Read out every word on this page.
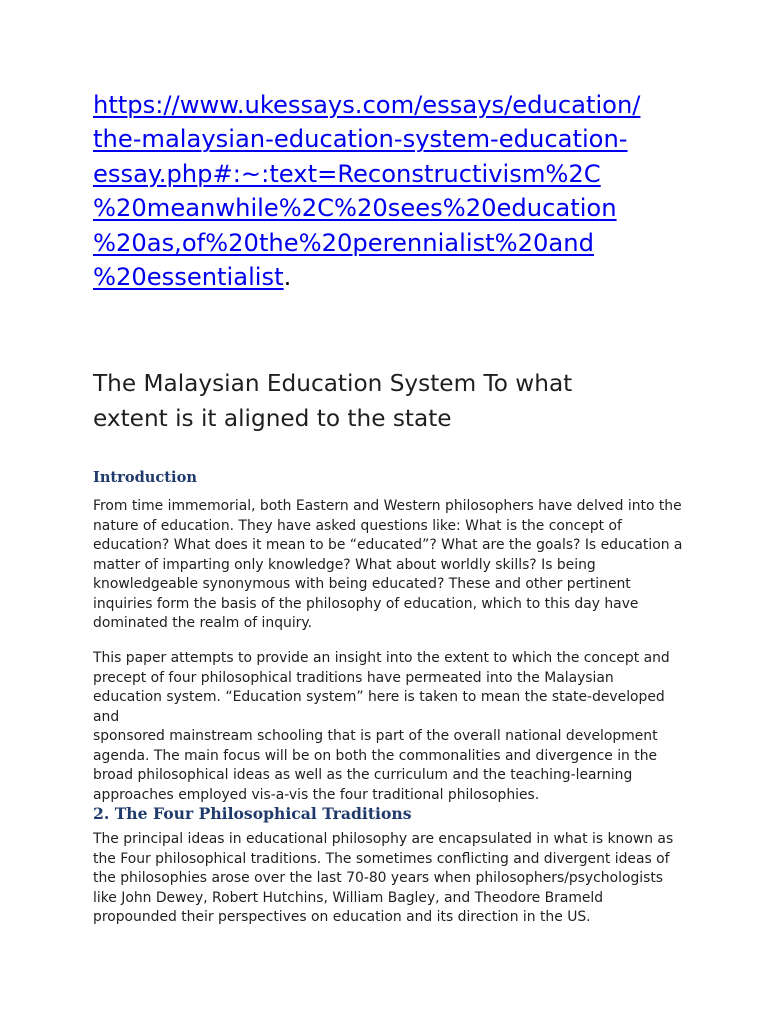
https://www.ukessays.com/essays/education/
the-malaysian-education-system-education-
essay.php#:~:text=Reconstructivism%2C
%20meanwhile%2C%20sees%20education
%20as,of%20the%20perennialist%20and
%20essentialist.

The Malaysian Education System To what extent is it aligned to the state
Introduction

From time immemorial, both Eastern and Western philosophers have delved into the
nature of education. They have asked questions like: What is the concept of
education? What does it mean to be “educated”? What are the goals? Is education a
matter of imparting only knowledge? What about worldly skills? Is being
knowledgeable synonymous with being educated? These and other pertinent
inquiries form the basis of the philosophy of education, which to this day have
dominated the realm of inquiry.

This paper attempts to provide an insight into the extent to which the concept and
precept of four philosophical traditions have permeated into the Malaysian
education system. “Education system” here is taken to mean the state-developed and
sponsored mainstream schooling that is part of the overall national development
agenda. The main focus will be on both the commonalities and divergence in the
broad philosophical ideas as well as the curriculum and the teaching-learning
approaches employed vis-a-vis the four traditional philosophies.

2. The Four Philosophical Traditions

The principal ideas in educational philosophy are encapsulated in what is known as
the Four philosophical traditions. The sometimes conflicting and divergent ideas of
the philosophies arose over the last 70-80 years when philosophers/psychologists
like John Dewey, Robert Hutchins, William Bagley, and Theodore Brameld
propounded their perspectives on education and its direction in the US.
